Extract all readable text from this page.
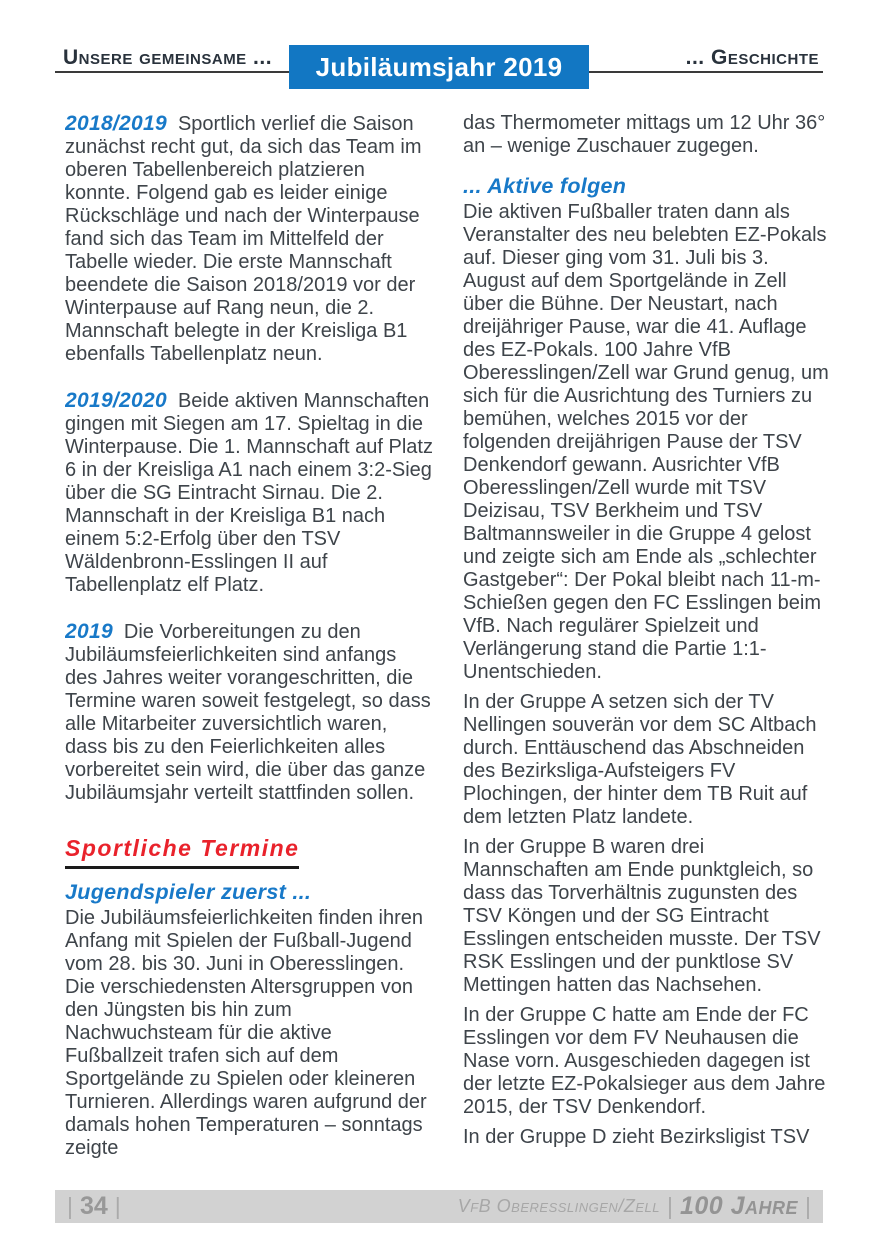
Unsere gemeinsame ...	Jubiläumsjahr 2019	... Geschichte

2018/2019 Sportlich verlief die Saison zunächst recht gut, da sich das Team im oberen Tabellenbereich platzieren konnte. Folgend gab es leider einige Rückschläge und nach der Winterpause fand sich das Team im Mittelfeld der Tabelle wieder. Die erste Mannschaft beendete die Saison 2018/2019 vor der Winterpause auf Rang neun, die 2. Mannschaft belegte in der Kreisliga B1 ebenfalls Tabellenplatz neun.

2019/2020 Beide aktiven Mannschaften gingen mit Siegen am 17. Spieltag in die Winterpause. Die 1. Mannschaft auf Platz 6 in der Kreisliga A1 nach einem 3:2-Sieg über die SG Eintracht Sirnau. Die 2. Mannschaft in der Kreisliga B1 nach einem 5:2-Erfolg über den TSV Wäldenbronn-Esslingen II auf Tabellenplatz elf Platz.

2019 Die Vorbereitungen zu den Jubiläumsfeierlichkeiten sind anfangs des Jahres weiter vorangeschritten, die Termine waren soweit festgelegt, so dass alle Mitarbeiter zuversichtlich waren, dass bis zu den Feierlichkeiten alles vorbereitet sein wird, die über das ganze Jubiläumsjahr verteilt stattfinden sollen.

Sportliche Termine
Jugendspieler zuerst ...

Die Jubiläumsfeierlichkeiten finden ihren Anfang mit Spielen der Fußball-Jugend vom 28. bis 30. Juni in Oberesslingen. Die verschiedensten Altersgruppen von den Jüngsten bis hin zum Nachwuchsteam für die aktive Fußballzeit trafen sich auf dem Sportgelände zu Spielen oder kleineren Turnieren. Allerdings waren aufgrund der damals hohen Temperaturen – sonntags zeigte

das Thermometer mittags um 12 Uhr 36° an – wenige Zuschauer zugegen.

... Aktive folgen

Die aktiven Fußballer traten dann als Veranstalter des neu belebten EZ-Pokals auf. Dieser ging vom 31. Juli bis 3. August auf dem Sportgelände in Zell über die Bühne. Der Neustart, nach dreijähriger Pause, war die 41. Auflage des EZ-Pokals. 100 Jahre VfB Oberesslingen/Zell war Grund genug, um sich für die Ausrichtung des Turniers zu bemühen, welches 2015 vor der folgenden dreijährigen Pause der TSV Denkendorf gewann. Ausrichter VfB Oberesslingen/Zell wurde mit TSV Deizisau, TSV Berkheim und TSV Baltmannsweiler in die Gruppe 4 gelost und zeigte sich am Ende als „schlechter Gastgeber“: Der Pokal bleibt nach 11-m-Schießen gegen den FC Esslingen beim VfB. Nach regulärer Spielzeit und Verlängerung stand die Partie 1:1-Unentschieden.

In der Gruppe A setzen sich der TV Nellingen souverän vor dem SC Altbach durch. Enttäuschend das Abschneiden des Bezirksliga-Aufsteigers FV Plochingen, der hinter dem TB Ruit auf dem letzten Platz landete.

In der Gruppe B waren drei Mannschaften am Ende punktgleich, so dass das Torverhältnis zugunsten des TSV Köngen und der SG Eintracht Esslingen entscheiden musste. Der TSV RSK Esslingen und der punktlose SV Mettingen hatten das Nachsehen.

In der Gruppe C hatte am Ende der FC Esslingen vor dem FV Neuhausen die Nase vorn. Ausgeschieden dagegen ist der letzte EZ-Pokalsieger aus dem Jahre 2015, der TSV Denkendorf.

In der Gruppe D zieht Bezirksligist TSV

| 34 |	VfB Oberesslingen/Zell | 100 Jahre |
